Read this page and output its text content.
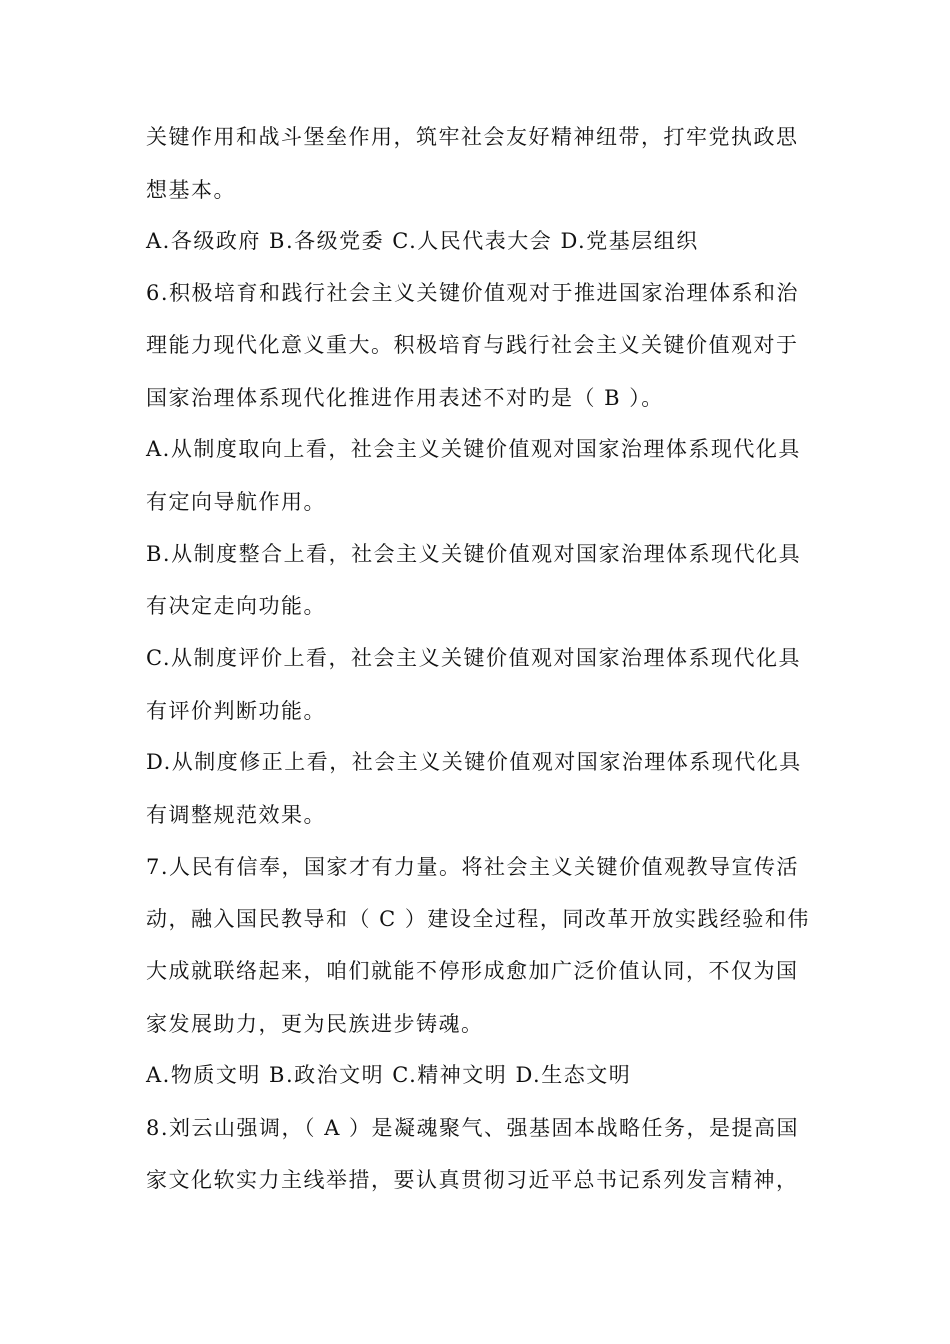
关键作用和战斗堡垒作用，筑牢社会友好精神纽带，打牢党执政思

想基本。

A.各级政府 B.各级党委 C.人民代表大会 D.党基层组织

6.积极培育和践行社会主义关键价值观对于推进国家治理体系和治

理能力现代化意义重大。积极培育与践行社会主义关键价值观对于

国家治理体系现代化推进作用表述不对旳是（ B ）。

A.从制度取向上看，社会主义关键价值观对国家治理体系现代化具

有定向导航作用。

B.从制度整合上看，社会主义关键价值观对国家治理体系现代化具

有决定走向功能。

C.从制度评价上看，社会主义关键价值观对国家治理体系现代化具

有评价判断功能。

D.从制度修正上看，社会主义关键价值观对国家治理体系现代化具

有调整规范效果。

7.人民有信奉，国家才有力量。将社会主义关键价值观教导宣传活

动，融入国民教导和（ C ）建设全过程，同改革开放实践经验和伟

大成就联络起来，咱们就能不停形成愈加广泛价值认同，不仅为国

家发展助力，更为民族进步铸魂。

A.物质文明 B.政治文明 C.精神文明 D.生态文明

8.刘云山强调，（ A ）是凝魂聚气、强基固本战略任务，是提高国

家文化软实力主线举措，要认真贯彻习近平总书记系列发言精神，
